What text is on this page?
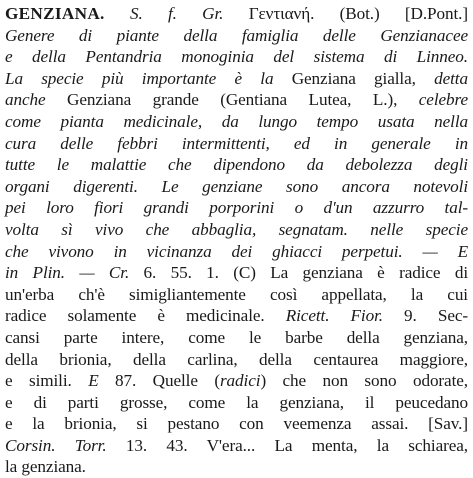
GENZIANA. S. f. Gr. Γεντιανή. (Bot.) [D.Pont.]
Genere di piante della famiglia delle Genzianacee
e della Pentandria monoginia del sistema di Linneo.
La specie più importante è la Genziana gialla, detta
anche Genziana grande (Gentiana Lutea, L.), celebre
come pianta medicinale, da lungo tempo usata nella
cura delle febbri intermittenti, ed in generale in
tutte le malattie che dipendono da debolezza degli
organi digerenti. Le genziane sono ancora notevoli
pei loro fiori grandi porporini o d'un azzurro tal-
volta sì vivo che abbaglia, segnatam. nelle specie
che vivono in vicinanza dei ghiacci perpetui. — E
in Plin. — Cr. 6. 55. 1. (C) La genziana è radice di
un'erba ch'è simigliantemente così appellata, la cui
radice solamente è medicinale. Ricett. Fior. 9. Sec-
cansi parte intere, come le barbe della genziana,
della brionia, della carlina, della centaurea maggiore,
e simili. E 87. Quelle (radici) che non sono odorate,
e di parti grosse, come la genziana, il peucedano
e la brionia, si pestano con veemenza assai. [Sav.]
Corsin. Torr. 13. 43. V'era... La menta, la schiarea,
la genziana.
